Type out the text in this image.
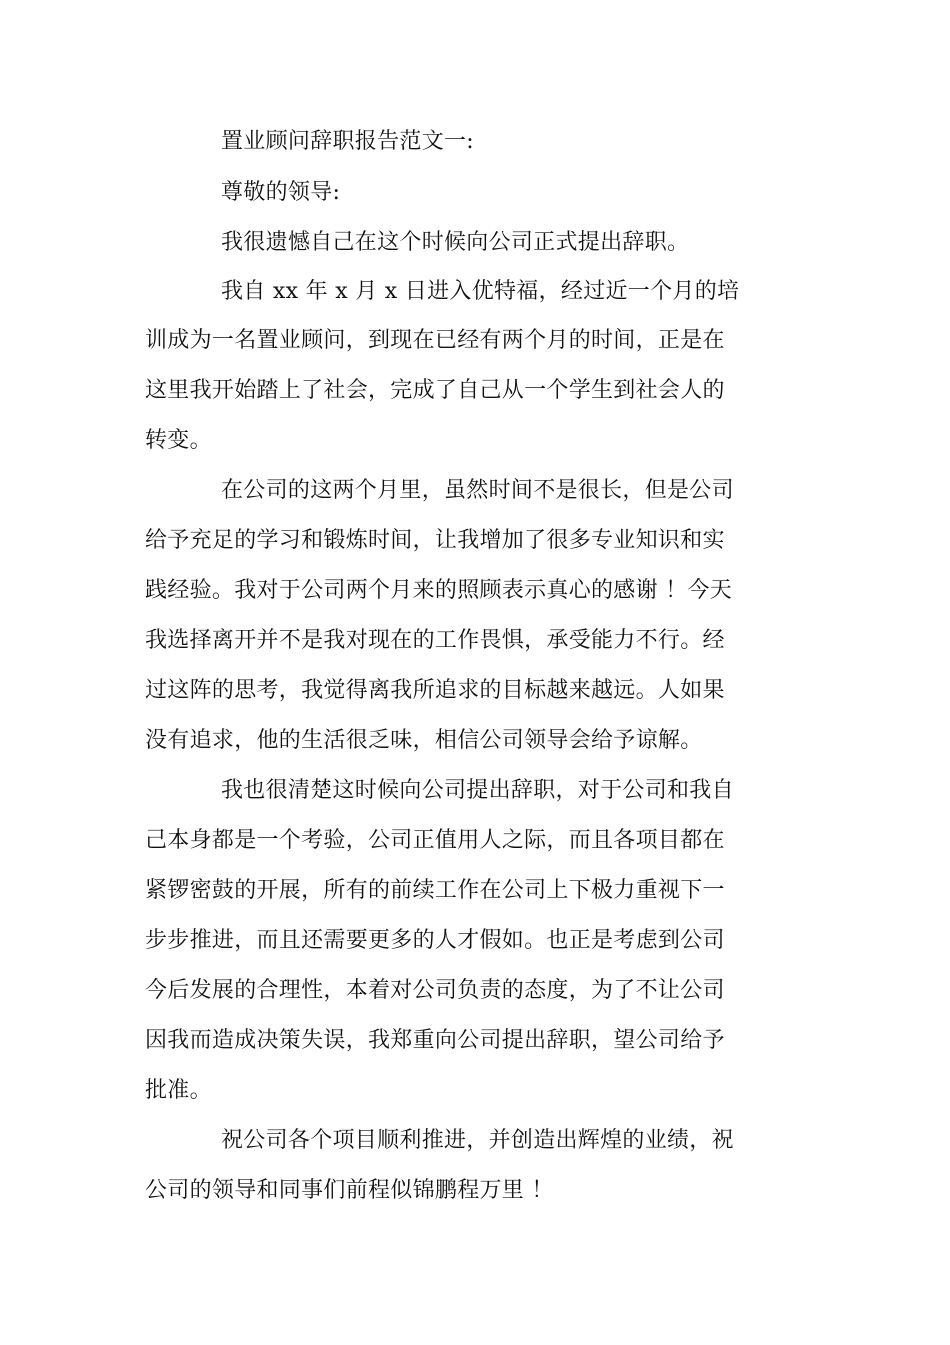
置业顾问辞职报告范文一:
尊敬的领导:
我很遗憾自己在这个时候向公司正式提出辞职。
我自 xx 年 x 月 x 日进入优特福，经过近一个月的培
训成为一名置业顾问，到现在已经有两个月的时间，正是在
这里我开始踏上了社会，完成了自己从一个学生到社会人的
转变。
在公司的这两个月里，虽然时间不是很长，但是公司
给予充足的学习和锻炼时间，让我增加了很多专业知识和实
践经验。我对于公司两个月来的照顾表示真心的感谢 ！今天
我选择离开并不是我对现在的工作畏惧，承受能力不行。经
过这阵的思考，我觉得离我所追求的目标越来越远。人如果
没有追求，他的生活很乏味，相信公司领导会给予谅解。
我也很清楚这时候向公司提出辞职，对于公司和我自
己本身都是一个考验，公司正值用人之际，而且各项目都在
紧锣密鼓的开展，所有的前续工作在公司上下极力重视下一
步步推进，而且还需要更多的人才假如。也正是考虑到公司
今后发展的合理性，本着对公司负责的态度，为了不让公司
因我而造成决策失误，我郑重向公司提出辞职，望公司给予
批准。
祝公司各个项目顺利推进，并创造出辉煌的业绩，祝
公司的领导和同事们前程似锦鹏程万里 ！
